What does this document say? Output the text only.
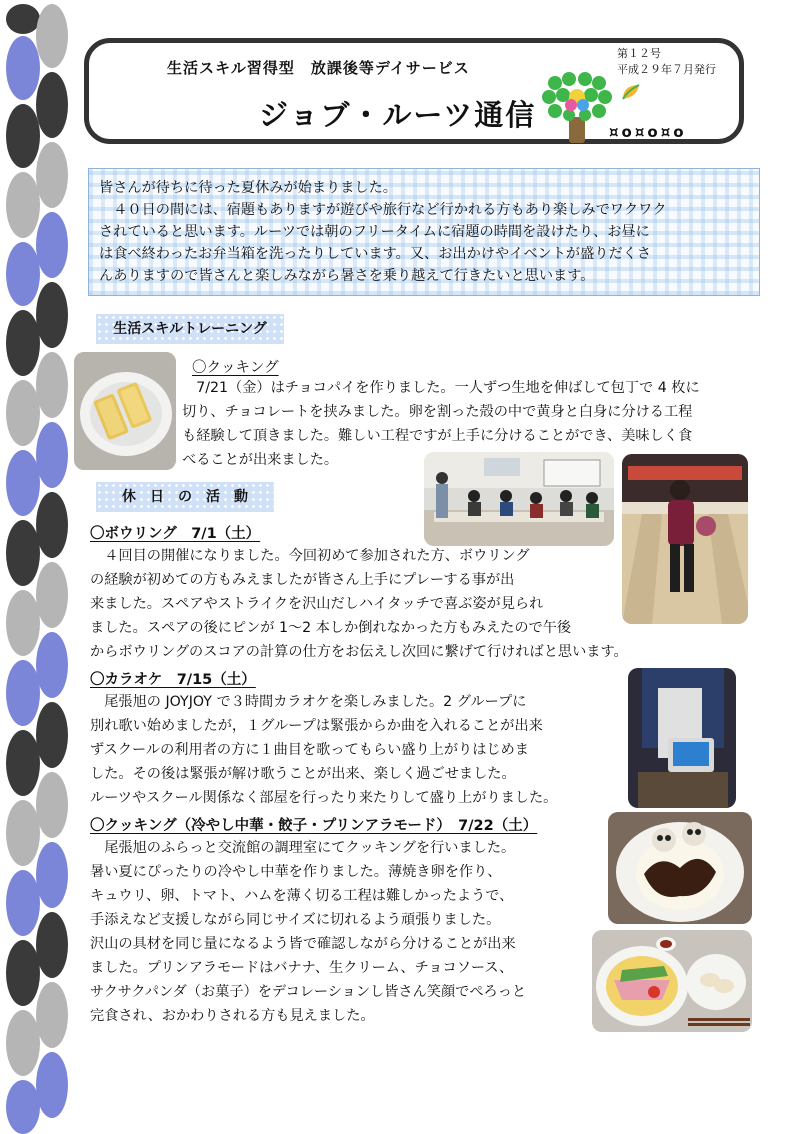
生活スキル習得型　放課後等デイサービス
ジョブ・ルーツ通信
第１２号
平成２９年７月発行
¤o¤o¤o

皆さんが待ちに待った夏休みが始まりました。

　４０日の間には、宿題もありますが遊びや旅行など行かれる方もあり楽しみでワクワク

されていると思います。ルーツでは朝のフリータイムに宿題の時間を設けたり、お昼に

は食べ終わったお弁当箱を洗ったりしています。又、お出かけやイベントが盛りだくさ

んありますので皆さんと楽しみながら暑さを乗り越えて行きたいと思います。

生活スキルトレーニング
〇クッキング
　7/21（金）はチョコパイを作りました。一人ずつ生地を伸ばして包丁で 4 枚に
切り、チョコレートを挟みました。卵を割った殻の中で黄身と白身に分ける工程
も経験して頂きました。難しい工程ですが上手に分けることができ、美味しく食
べることが出来ました。
休　日　の　活　動
〇ボウリング　7/1（土）
　４回目の開催になりました。今回初めて参加された方、ボウリング
の経験が初めての方もみえましたが皆さん上手にプレーする事が出
来ました。スペアやストライクを沢山だしハイタッチで喜ぶ姿が見られ
ました。スペアの後にピンが 1～2 本しか倒れなかった方もみえたので午後
からボウリングのスコアの計算の仕方をお伝えし次回に繋げて行ければと思います。
〇カラオケ　7/15（土）
　尾張旭の JOYJOY で３時間カラオケを楽しみました。2 グループに
別れ歌い始めましたが，１グループは緊張からか曲を入れることが出来
ずスクールの利用者の方に１曲目を歌ってもらい盛り上がりはじめま
した。その後は緊張が解け歌うことが出来、楽しく過ごせました。
ルーツやスクール関係なく部屋を行ったり来たりして盛り上がりました。
〇クッキング（冷やし中華・餃子・プリンアラモード）　7/22（土）
　尾張旭のふらっと交流館の調理室にてクッキングを行いました。
暑い夏にぴったりの冷やし中華を作りました。薄焼き卵を作り、
キュウリ、卵、トマト、ハムを薄く切る工程は難しかったようで、
手添えなど支援しながら同じサイズに切れるよう頑張りました。
沢山の具材を同じ量になるよう皆で確認しながら分けることが出来
ました。プリンアラモードはバナナ、生クリーム、チョコソース、
サクサクパンダ（お菓子）をデコレーションし皆さん笑顔でぺろっと
完食され、おかわりされる方も見えました。
